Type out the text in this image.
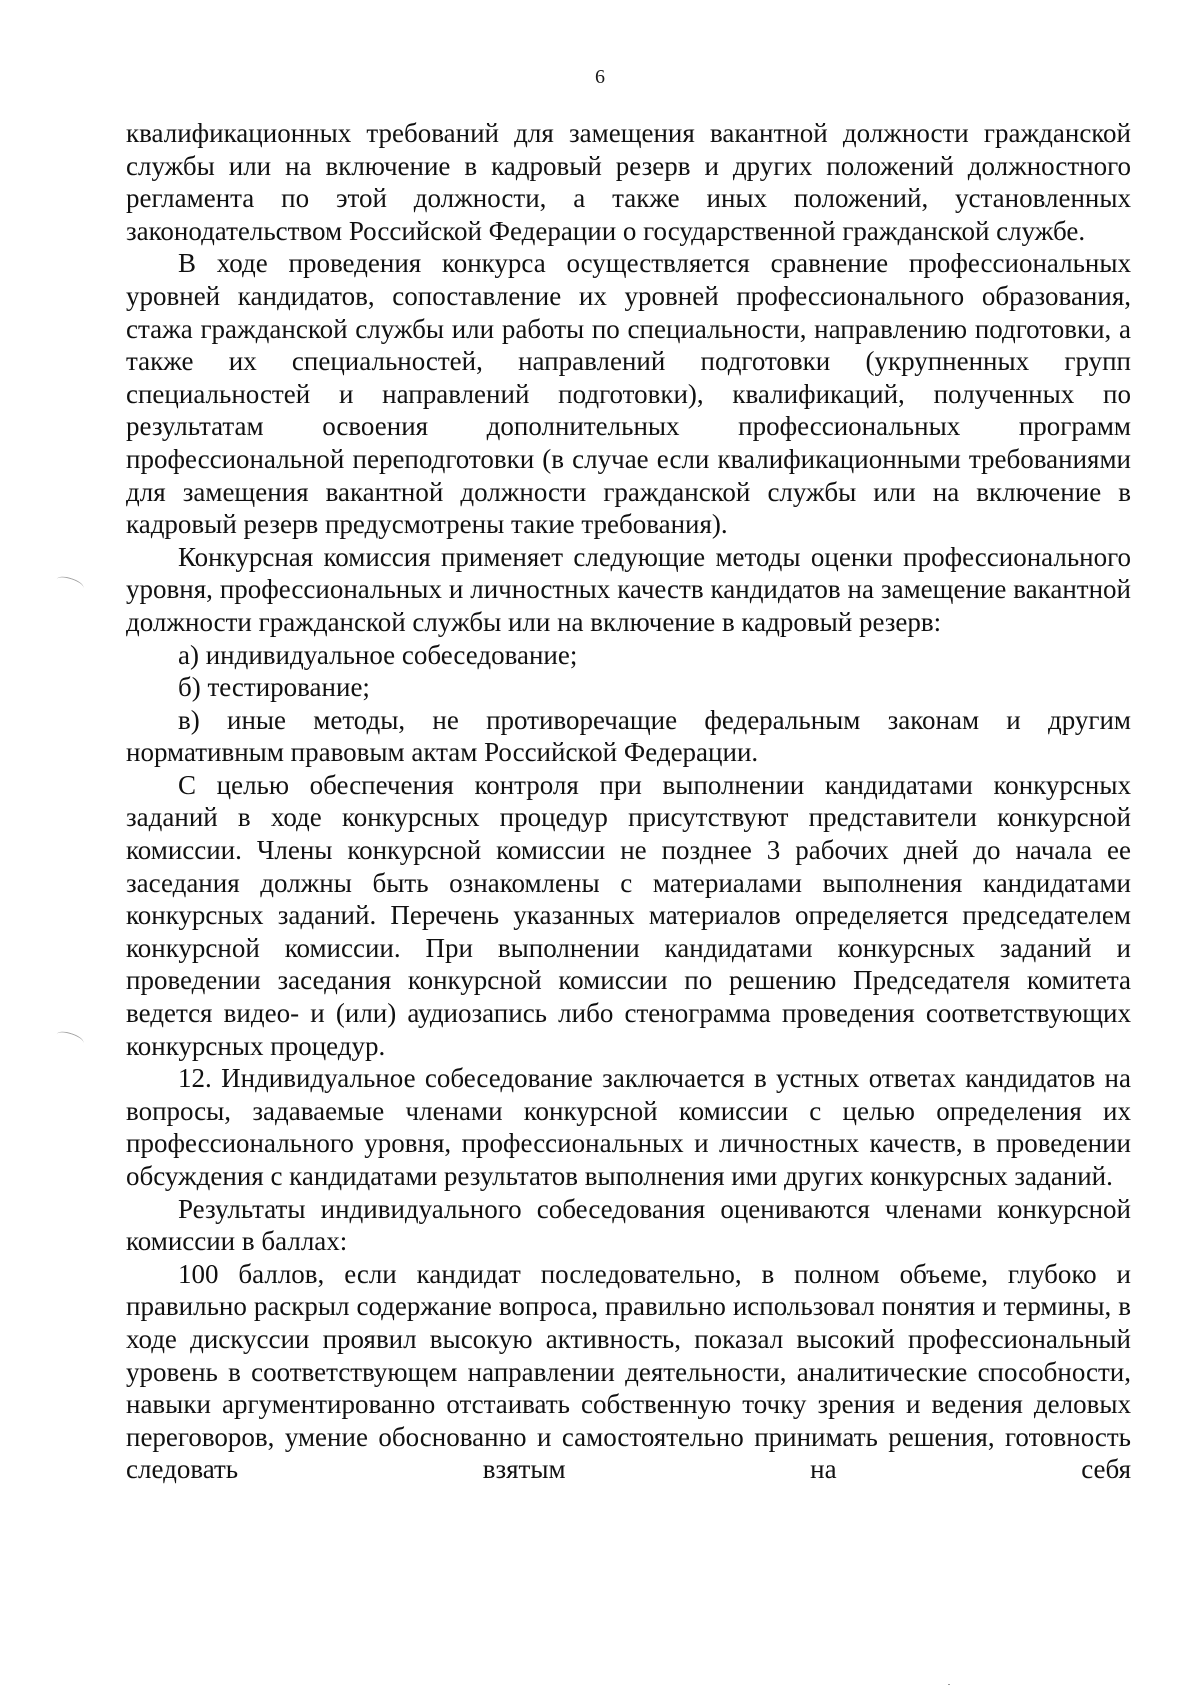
6

квалификационных требований для замещения вакантной должности гражданской службы или на включение в кадровый резерв и других положений должностного регламента по этой должности, а также иных положений, установленных законодательством Российской Федерации о государственной гражданской службе.

В ходе проведения конкурса осуществляется сравнение профессиональных уровней кандидатов, сопоставление их уровней профессионального образования, стажа гражданской службы или работы по специальности, направлению подготовки, а также их специальностей, направлений подготовки (укрупненных групп специальностей и направлений подготовки), квалификаций, полученных по результатам освоения дополнительных профессиональных программ профессиональной переподготовки (в случае если квалификационными требованиями для замещения вакантной должности гражданской службы или на включение в кадровый резерв предусмотрены такие требования).

Конкурсная комиссия применяет следующие методы оценки профессионального уровня, профессиональных и личностных качеств кандидатов на замещение вакантной должности гражданской службы или на включение в кадровый резерв:

а) индивидуальное собеседование;

б) тестирование;

в) иные методы, не противоречащие федеральным законам и другим нормативным правовым актам Российской Федерации.

С целью обеспечения контроля при выполнении кандидатами конкурсных заданий в ходе конкурсных процедур присутствуют представители конкурсной комиссии. Члены конкурсной комиссии не позднее 3 рабочих дней до начала ее заседания должны быть ознакомлены с материалами выполнения кандидатами конкурсных заданий. Перечень указанных материалов определяется председателем конкурсной комиссии. При выполнении кандидатами конкурсных заданий и проведении заседания конкурсной комиссии по решению Председателя комитета ведется видео- и (или) аудиозапись либо стенограмма проведения соответствующих конкурсных процедур.

12. Индивидуальное собеседование заключается в устных ответах кандидатов на вопросы, задаваемые членами конкурсной комиссии с целью определения их профессионального уровня, профессиональных и личностных качеств, в проведении обсуждения с кандидатами результатов выполнения ими других конкурсных заданий.

Результаты индивидуального собеседования оцениваются членами конкурсной комиссии в баллах:

100 баллов, если кандидат последовательно, в полном объеме, глубоко и правильно раскрыл содержание вопроса, правильно использовал понятия и термины, в ходе дискуссии проявил высокую активность, показал высокий профессиональный уровень в соответствующем направлении деятельности, аналитические способности, навыки аргументированно отстаивать собственную точку зрения и ведения деловых переговоров, умение обоснованно и самостоятельно принимать решения, готовность следовать взятым на себя
